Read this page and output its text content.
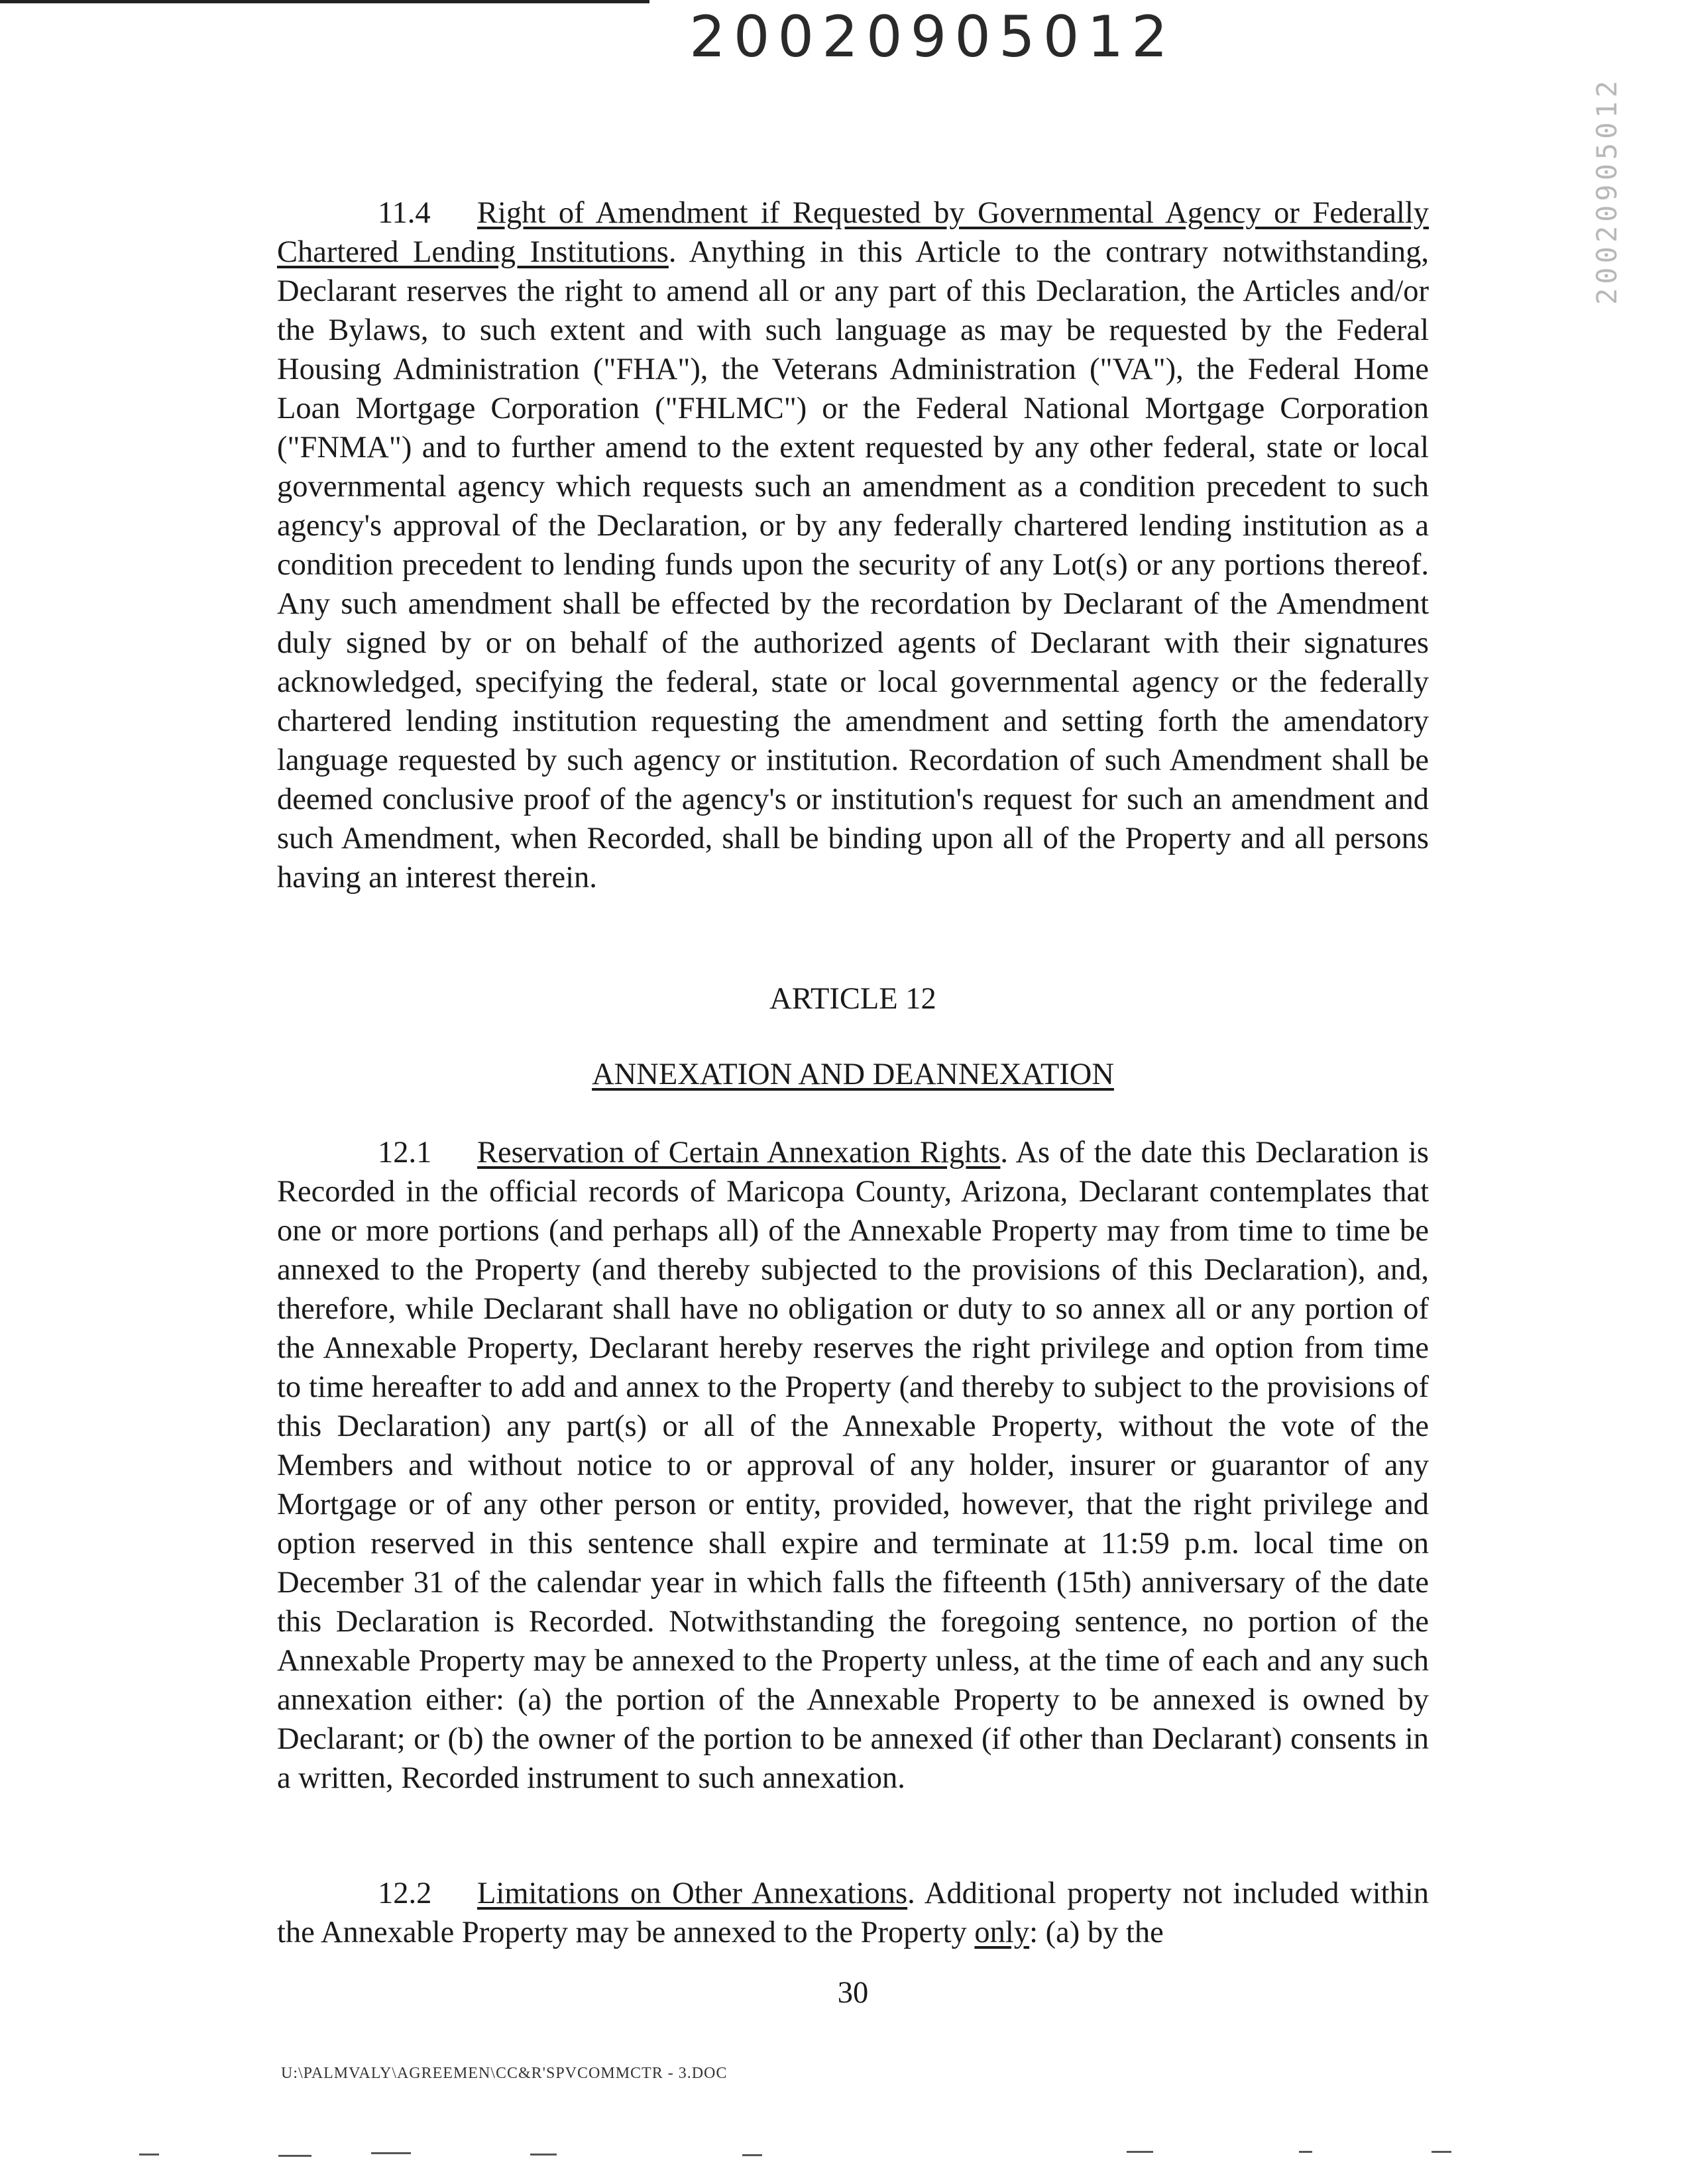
20020905012
20020905012

11.4 Right of Amendment if Requested by Governmental Agency or Federally Chartered Lending Institutions. Anything in this Article to the contrary notwithstanding, Declarant reserves the right to amend all or any part of this Declaration, the Articles and/or the Bylaws, to such extent and with such language as may be requested by the Federal Housing Administration ("FHA"), the Veterans Administration ("VA"), the Federal Home Loan Mortgage Corporation ("FHLMC") or the Federal National Mortgage Corporation ("FNMA") and to further amend to the extent requested by any other federal, state or local governmental agency which requests such an amendment as a condition precedent to such agency's approval of the Declaration, or by any federally chartered lending institution as a condition precedent to lending funds upon the security of any Lot(s) or any portions thereof. Any such amendment shall be effected by the recordation by Declarant of the Amendment duly signed by or on behalf of the authorized agents of Declarant with their signatures acknowledged, specifying the federal, state or local governmental agency or the federally chartered lending institution requesting the amendment and setting forth the amendatory language requested by such agency or institution. Recordation of such Amendment shall be deemed conclusive proof of the agency's or institution's request for such an amendment and such Amendment, when Recorded, shall be binding upon all of the Property and all persons having an interest therein.

ARTICLE 12
ANNEXATION AND DEANNEXATION

12.1 Reservation of Certain Annexation Rights. As of the date this Declaration is Recorded in the official records of Maricopa County, Arizona, Declarant contemplates that one or more portions (and perhaps all) of the Annexable Property may from time to time be annexed to the Property (and thereby subjected to the provisions of this Declaration), and, therefore, while Declarant shall have no obligation or duty to so annex all or any portion of the Annexable Property, Declarant hereby reserves the right privilege and option from time to time hereafter to add and annex to the Property (and thereby to subject to the provisions of this Declaration) any part(s) or all of the Annexable Property, without the vote of the Members and without notice to or approval of any holder, insurer or guarantor of any Mortgage or of any other person or entity, provided, however, that the right privilege and option reserved in this sentence shall expire and terminate at 11:59 p.m. local time on December 31 of the calendar year in which falls the fifteenth (15th) anniversary of the date this Declaration is Recorded. Notwithstanding the foregoing sentence, no portion of the Annexable Property may be annexed to the Property unless, at the time of each and any such annexation either: (a) the portion of the Annexable Property to be annexed is owned by Declarant; or (b) the owner of the portion to be annexed (if other than Declarant) consents in a written, Recorded instrument to such annexation.

12.2 Limitations on Other Annexations. Additional property not included within the Annexable Property may be annexed to the Property only: (a) by the

30
U:\PALMVALY\AGREEMEN\CC&R'SPVCOMMCTR - 3.DOC
